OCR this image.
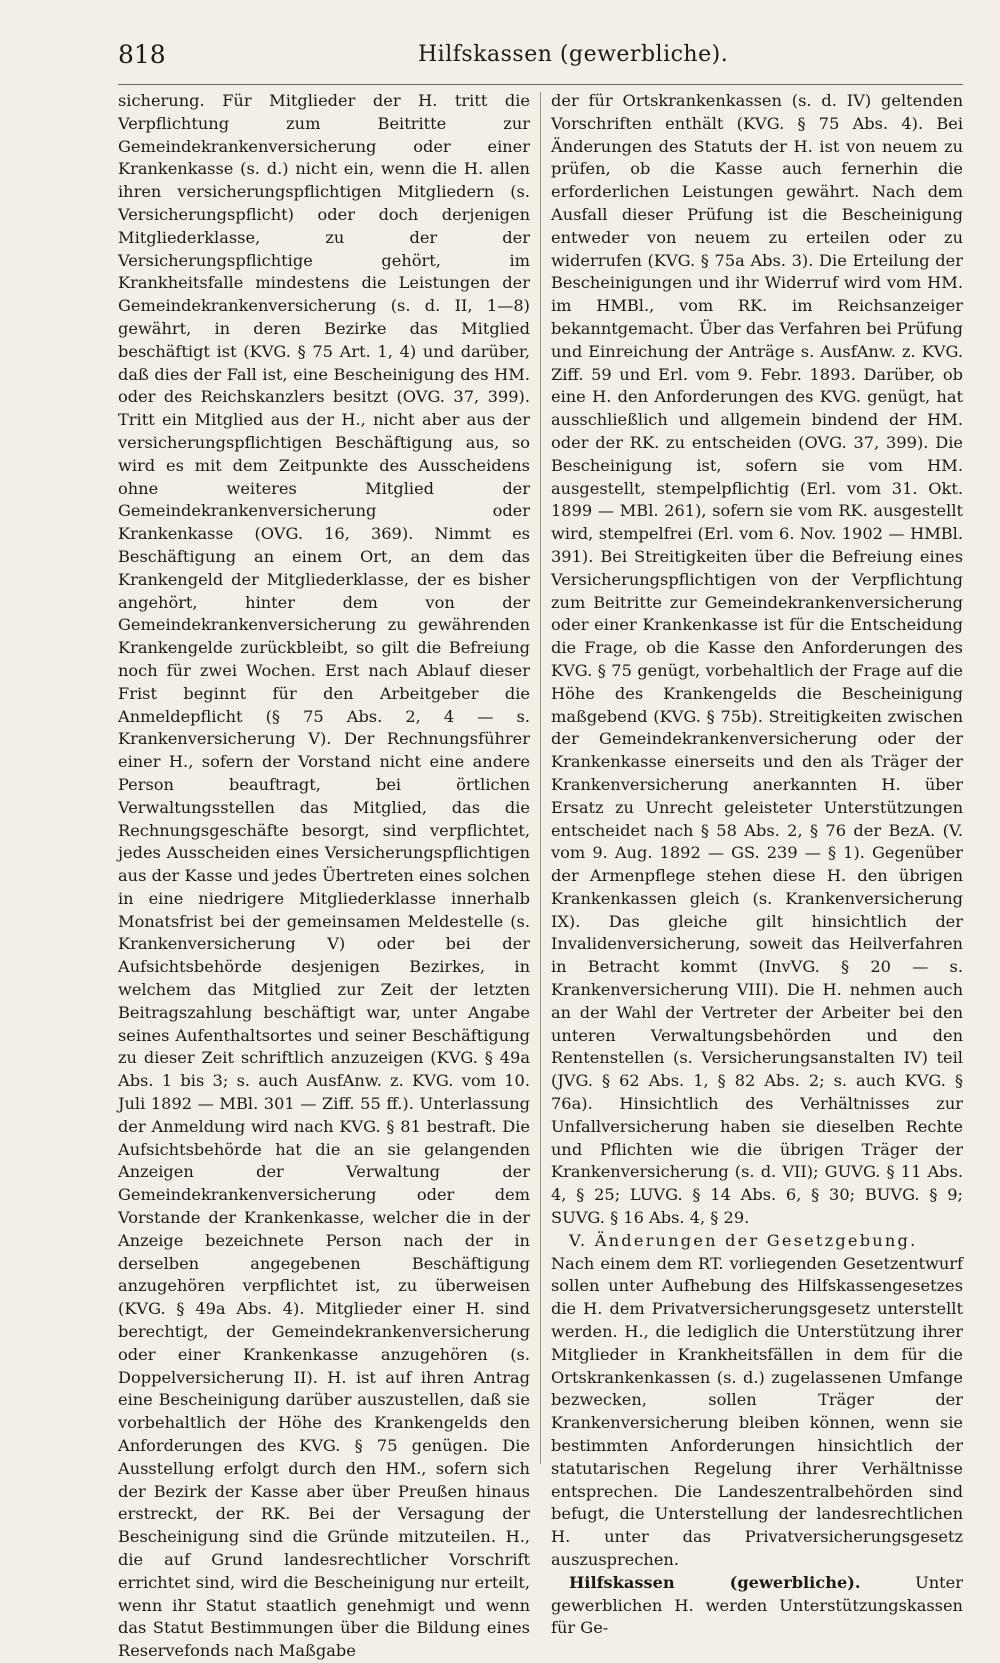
818	Hilfskassen (gewerbliche).

sicherung. Für Mitglieder der H. tritt die Verpflichtung zum Beitritte zur Gemeindekrankenversicherung oder einer Krankenkasse (s. d.) nicht ein, wenn die H. allen ihren versicherungspflichtigen Mitgliedern (s. Versicherungspflicht) oder doch derjenigen Mitgliederklasse, zu der der Versicherungspflichtige gehört, im Krankheitsfalle mindestens die Leistungen der Gemeindekrankenversicherung (s. d. II, 1—8) gewährt, in deren Bezirke das Mitglied beschäftigt ist (KVG. § 75 Art. 1, 4) und darüber, daß dies der Fall ist, eine Bescheinigung des HM. oder des Reichskanzlers besitzt (OVG. 37, 399). Tritt ein Mitglied aus der H., nicht aber aus der versicherungspflichtigen Beschäftigung aus, so wird es mit dem Zeitpunkte des Ausscheidens ohne weiteres Mitglied der Gemeindekrankenversicherung oder Krankenkasse (OVG. 16, 369). Nimmt es Beschäftigung an einem Ort, an dem das Krankengeld der Mitgliederklasse, der es bisher angehört, hinter dem von der Gemeindekrankenversicherung zu gewährenden Krankengelde zurückbleibt, so gilt die Befreiung noch für zwei Wochen. Erst nach Ablauf dieser Frist beginnt für den Arbeitgeber die Anmeldepflicht (§ 75 Abs. 2, 4 — s. Krankenversicherung V). Der Rechnungsführer einer H., sofern der Vorstand nicht eine andere Person beauftragt, bei örtlichen Verwaltungsstellen das Mitglied, das die Rechnungsgeschäfte besorgt, sind verpflichtet, jedes Ausscheiden eines Versicherungspflichtigen aus der Kasse und jedes Übertreten eines solchen in eine niedrigere Mitgliederklasse innerhalb Monatsfrist bei der gemeinsamen Meldestelle (s. Krankenversicherung V) oder bei der Aufsichtsbehörde desjenigen Bezirkes, in welchem das Mitglied zur Zeit der letzten Beitragszahlung beschäftigt war, unter Angabe seines Aufenthaltsortes und seiner Beschäftigung zu dieser Zeit schriftlich anzuzeigen (KVG. § 49a Abs. 1 bis 3; s. auch AusfAnw. z. KVG. vom 10. Juli 1892 — MBl. 301 — Ziff. 55 ff.). Unterlassung der Anmeldung wird nach KVG. § 81 bestraft. Die Aufsichtsbehörde hat die an sie gelangenden Anzeigen der Verwaltung der Gemeindekrankenversicherung oder dem Vorstande der Krankenkasse, welcher die in der Anzeige bezeichnete Person nach der in derselben angegebenen Beschäftigung anzugehören verpflichtet ist, zu überweisen (KVG. § 49a Abs. 4). Mitglieder einer H. sind berechtigt, der Gemeindekrankenversicherung oder einer Krankenkasse anzugehören (s. Doppelversicherung II). H. ist auf ihren Antrag eine Bescheinigung darüber auszustellen, daß sie vorbehaltlich der Höhe des Krankengelds den Anforderungen des KVG. § 75 genügen. Die Ausstellung erfolgt durch den HM., sofern sich der Bezirk der Kasse aber über Preußen hinaus erstreckt, der RK. Bei der Versagung der Bescheinigung sind die Gründe mitzuteilen. H., die auf Grund landesrechtlicher Vorschrift errichtet sind, wird die Bescheinigung nur erteilt, wenn ihr Statut staatlich genehmigt und wenn das Statut Bestimmungen über die Bildung eines Reservefonds nach Maßgabe

der für Ortskrankenkassen (s. d. IV) geltenden Vorschriften enthält (KVG. § 75 Abs. 4). Bei Änderungen des Statuts der H. ist von neuem zu prüfen, ob die Kasse auch fernerhin die erforderlichen Leistungen gewährt. Nach dem Ausfall dieser Prüfung ist die Bescheinigung entweder von neuem zu erteilen oder zu widerrufen (KVG. § 75a Abs. 3). Die Erteilung der Bescheinigungen und ihr Widerruf wird vom HM. im HMBl., vom RK. im Reichsanzeiger bekanntgemacht. Über das Verfahren bei Prüfung und Einreichung der Anträge s. AusfAnw. z. KVG. Ziff. 59 und Erl. vom 9. Febr. 1893. Darüber, ob eine H. den Anforderungen des KVG. genügt, hat ausschließlich und allgemein bindend der HM. oder der RK. zu entscheiden (OVG. 37, 399). Die Bescheinigung ist, sofern sie vom HM. ausgestellt, stempelpflichtig (Erl. vom 31. Okt. 1899 — MBl. 261), sofern sie vom RK. ausgestellt wird, stempelfrei (Erl. vom 6. Nov. 1902 — HMBl. 391). Bei Streitigkeiten über die Befreiung eines Versicherungspflichtigen von der Verpflichtung zum Beitritte zur Gemeindekrankenversicherung oder einer Krankenkasse ist für die Entscheidung die Frage, ob die Kasse den Anforderungen des KVG. § 75 genügt, vorbehaltlich der Frage auf die Höhe des Krankengelds die Bescheinigung maßgebend (KVG. § 75b). Streitigkeiten zwischen der Gemeindekrankenversicherung oder der Krankenkasse einerseits und den als Träger der Krankenversicherung anerkannten H. über Ersatz zu Unrecht geleisteter Unterstützungen entscheidet nach § 58 Abs. 2, § 76 der BezA. (V. vom 9. Aug. 1892 — GS. 239 — § 1). Gegenüber der Armenpflege stehen diese H. den übrigen Krankenkassen gleich (s. Krankenversicherung IX). Das gleiche gilt hinsichtlich der Invalidenversicherung, soweit das Heilverfahren in Betracht kommt (InvVG. § 20 — s. Krankenversicherung VIII). Die H. nehmen auch an der Wahl der Vertreter der Arbeiter bei den unteren Verwaltungsbehörden und den Rentenstellen (s. Versicherungsanstalten IV) teil (JVG. § 62 Abs. 1, § 82 Abs. 2; s. auch KVG. § 76a). Hinsichtlich des Verhältnisses zur Unfallversicherung haben sie dieselben Rechte und Pflichten wie die übrigen Träger der Krankenversicherung (s. d. VII); GUVG. § 11 Abs. 4, § 25; LUVG. § 14 Abs. 6, § 30; BUVG. § 9; SUVG. § 16 Abs. 4, § 29.

V. Änderungen der Gesetzgebung.

Nach einem dem RT. vorliegenden Gesetzentwurf sollen unter Aufhebung des Hilfskassengesetzes die H. dem Privatversicherungsgesetz unterstellt werden. H., die lediglich die Unterstützung ihrer Mitglieder in Krankheitsfällen in dem für die Ortskrankenkassen (s. d.) zugelassenen Umfange bezwecken, sollen Träger der Krankenversicherung bleiben können, wenn sie bestimmten Anforderungen hinsichtlich der statutarischen Regelung ihrer Verhältnisse entsprechen. Die Landeszentralbehörden sind befugt, die Unterstellung der landesrechtlichen H. unter das Privatversicherungsgesetz auszusprechen.

Hilfskassen (gewerbliche).	Unter gewerblichen H. werden Unterstützungskassen für Ge-
